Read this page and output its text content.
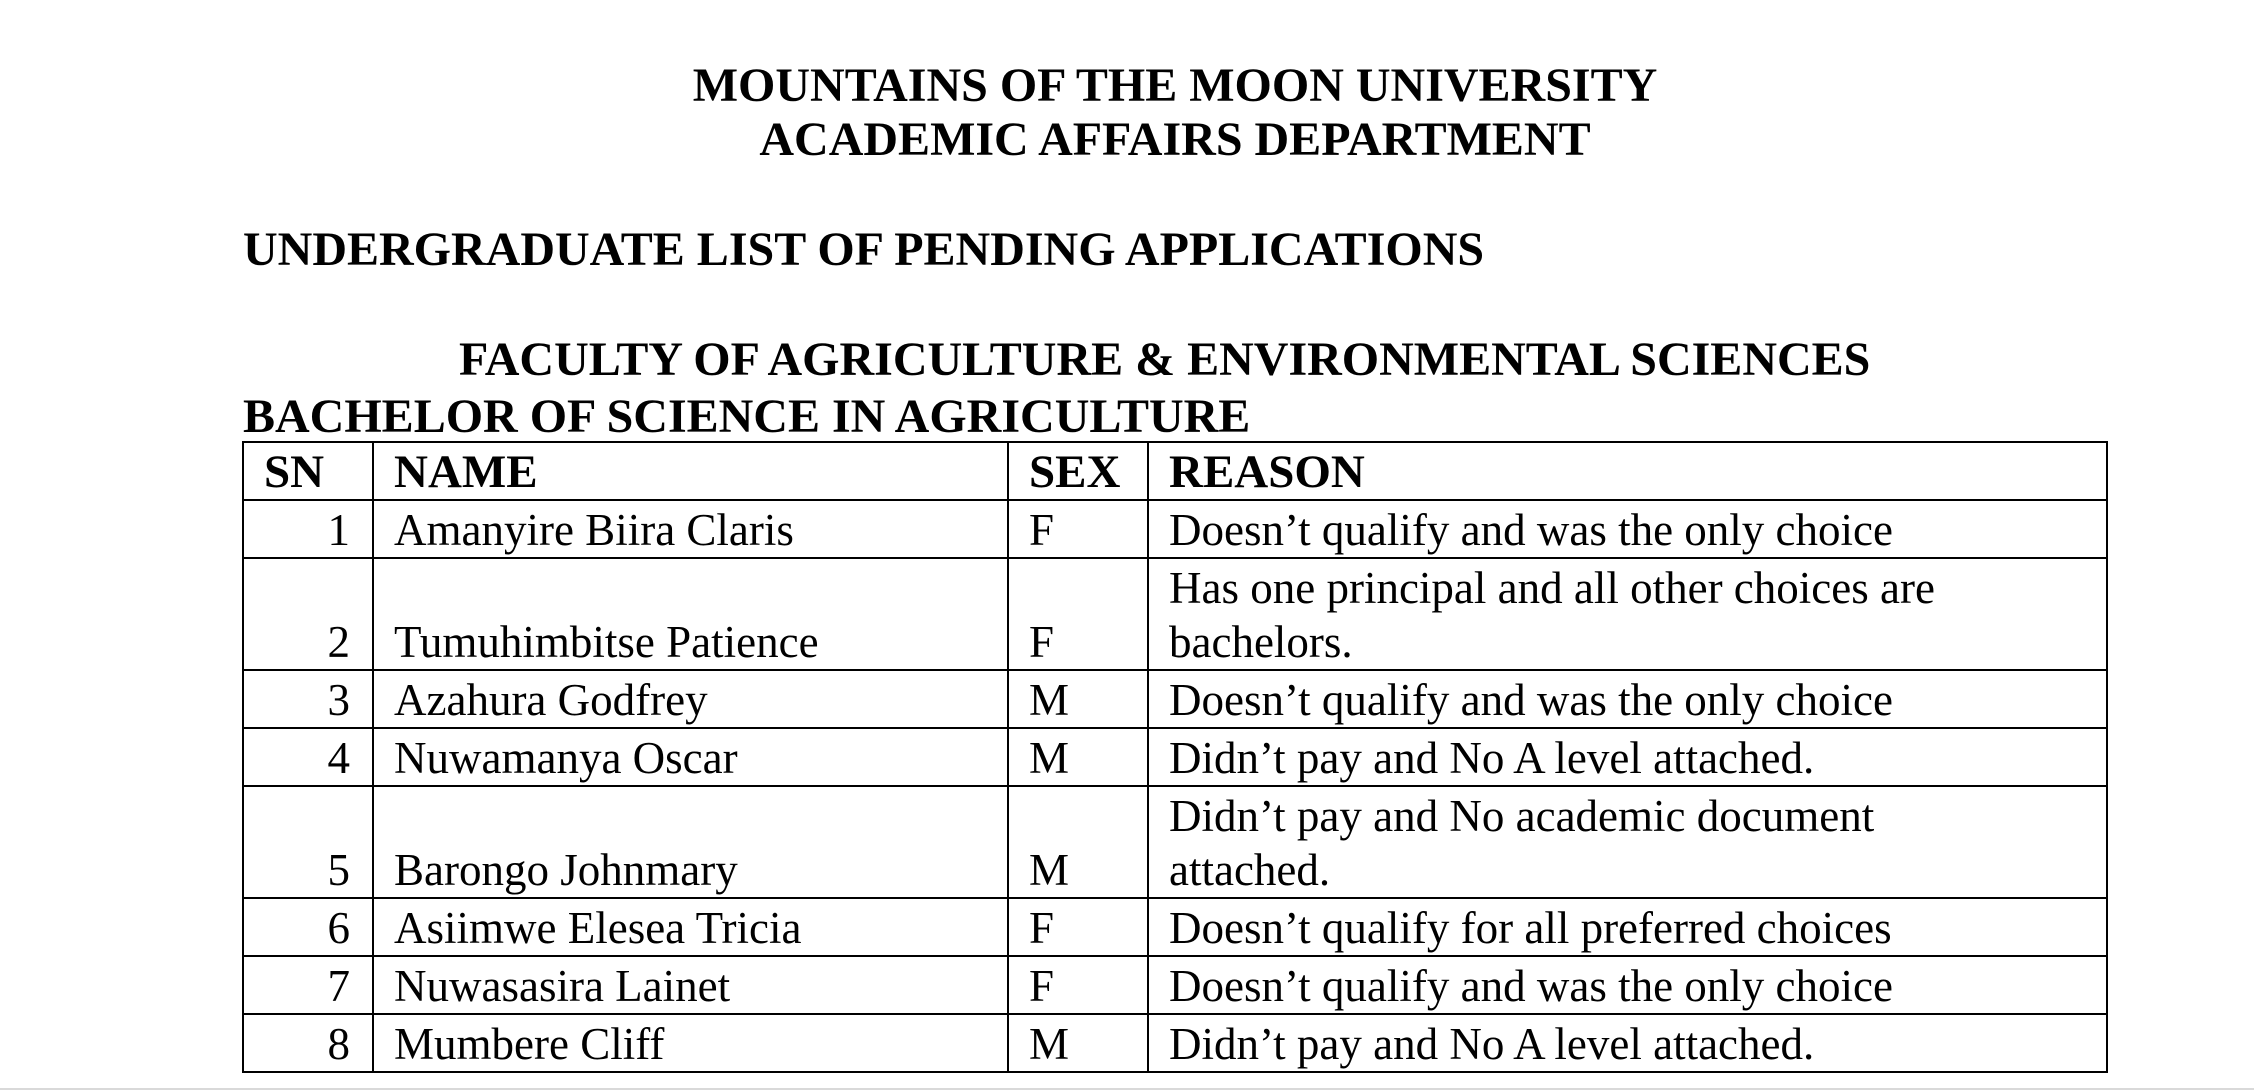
MOUNTAINS OF THE MOON UNIVERSITY
ACADEMIC AFFAIRS DEPARTMENT
UNDERGRADUATE LIST OF PENDING APPLICATIONS
FACULTY OF AGRICULTURE & ENVIRONMENTAL SCIENCES
BACHELOR OF SCIENCE IN AGRICULTURE
SN	NAME	SEX	REASON
1	Amanyire Biira Claris	F	Doesn’t qualify and was the only choice
2	Tumuhimbitse Patience	F	Has one principal and all other choices are bachelors.
3	Azahura Godfrey	M	Doesn’t qualify and was the only choice
4	Nuwamanya Oscar	M	Didn’t pay and No A level attached.
5	Barongo Johnmary	M	Didn’t pay and No academic document attached.
6	Asiimwe Elesea Tricia	F	Doesn’t qualify for all preferred choices
7	Nuwasasira Lainet	F	Doesn’t qualify and was the only choice
8	Mumbere Cliff	M	Didn’t pay and No A level attached.
